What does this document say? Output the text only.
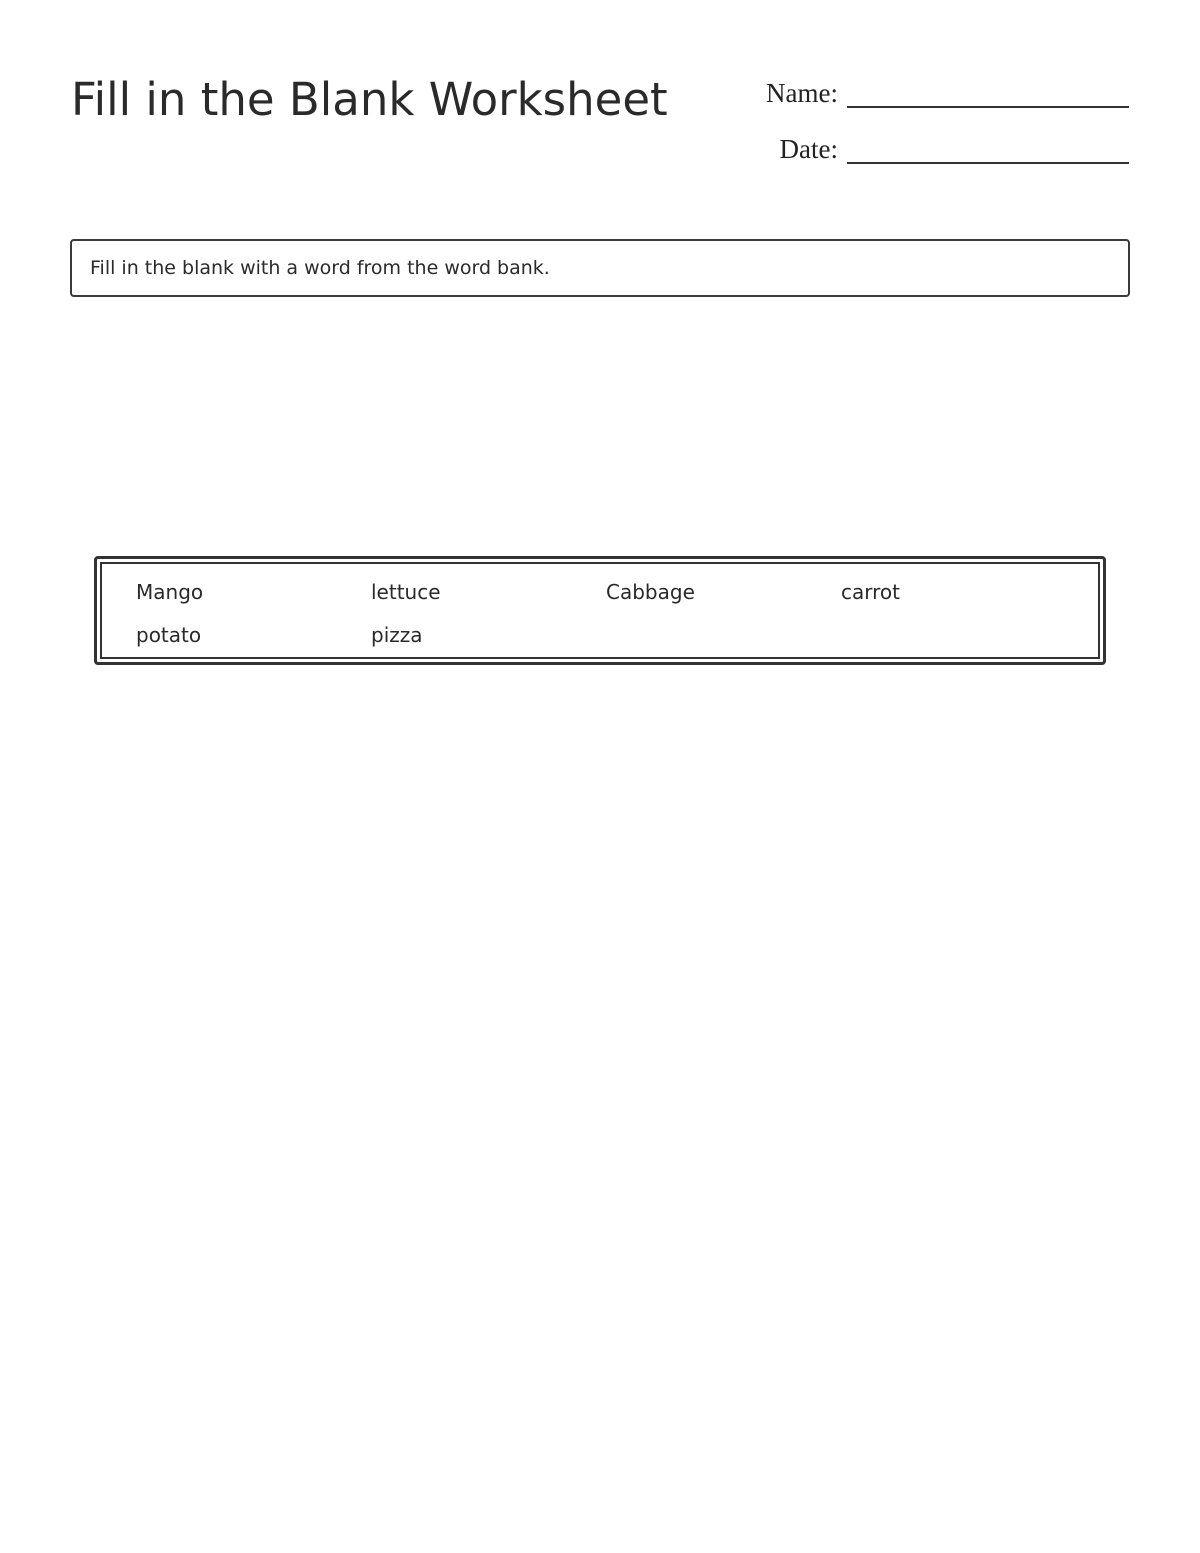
Fill in the Blank Worksheet	Name:
Date:
Fill in the blank with a word from the word bank.
Mango	lettuce	Cabbage	carrot
potato	pizza
